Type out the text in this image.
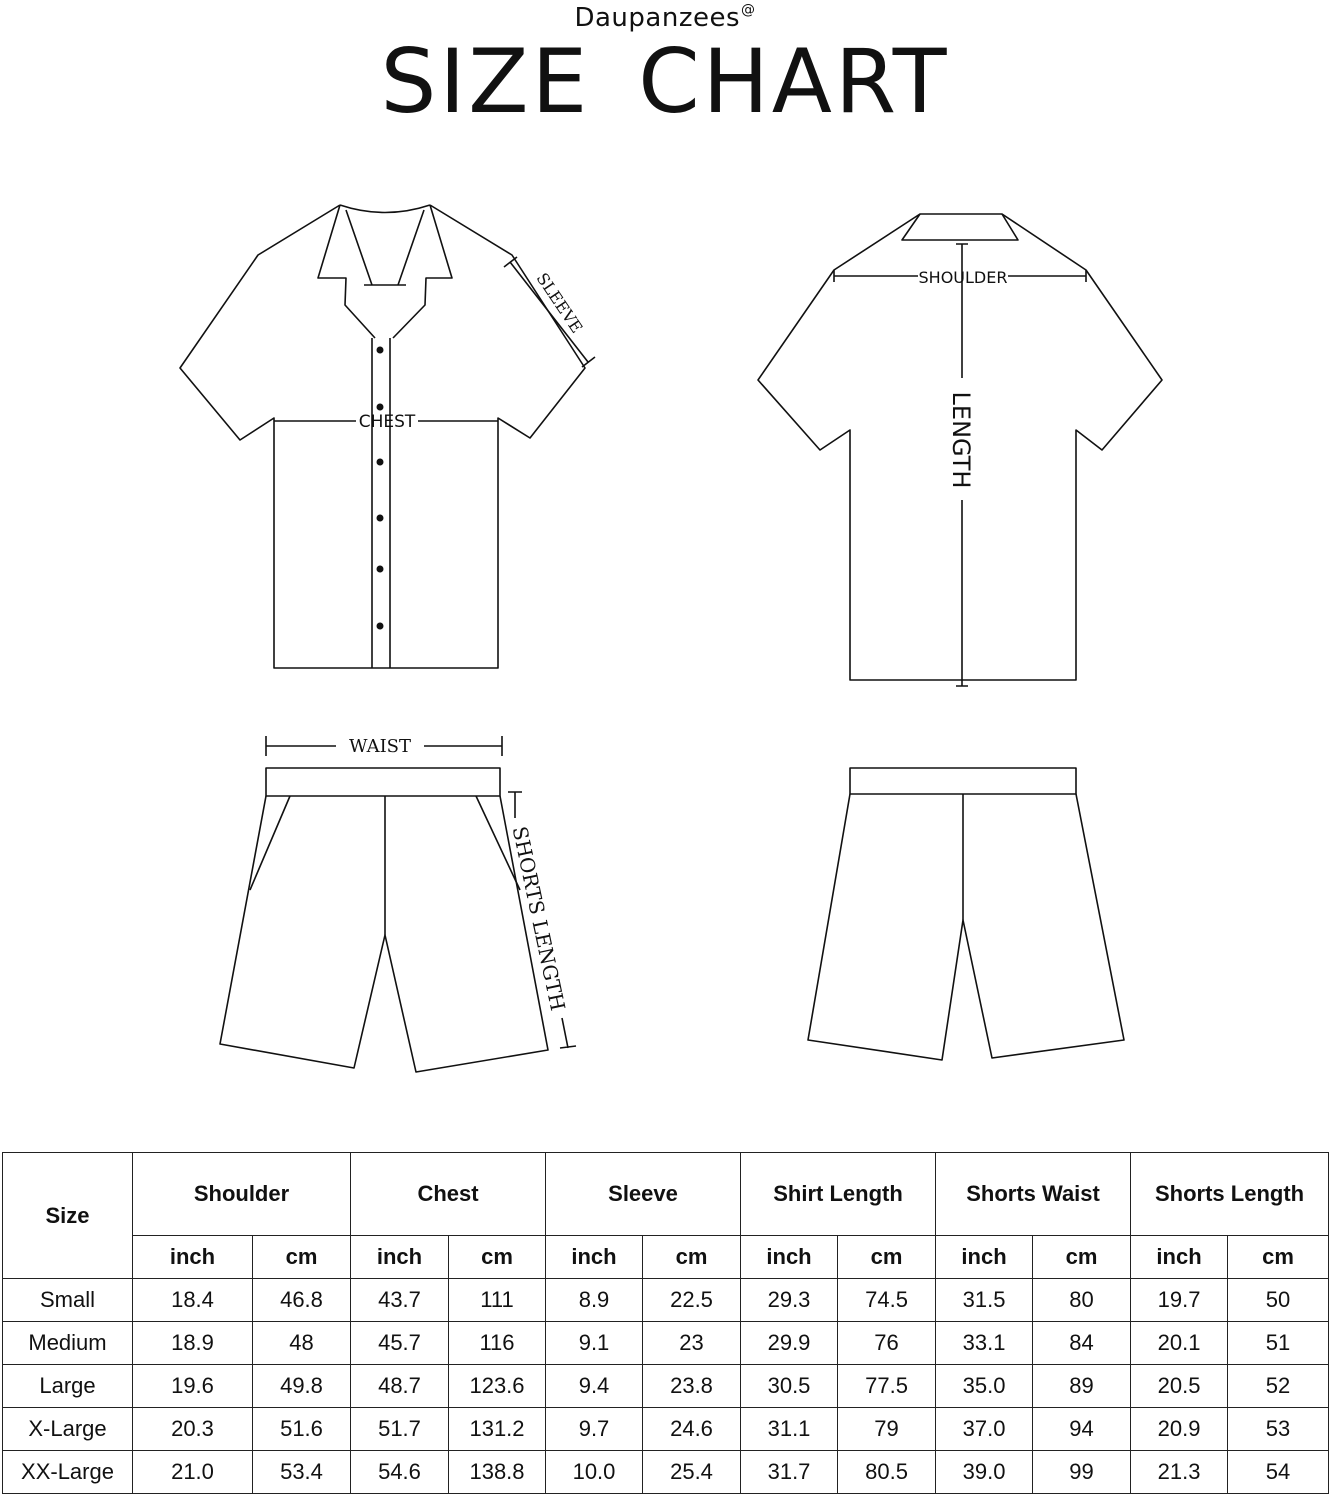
Daupanzees@
SIZE CHART
CHEST
SLEEVE	SHOULDER
LENGTH
WAIST
SHORTS LENGTH
Size	Shoulder		Chest		Sleeve		Shirt Length		Shorts Waist		Shorts Length	
	inch	cm	inch	cm	inch	cm	inch	cm	inch	cm	inch	cm
Small	18.4	46.8	43.7	111	8.9	22.5	29.3	74.5	31.5	80	19.7	50
Medium	18.9	48	45.7	116	9.1	23	29.9	76	33.1	84	20.1	51
Large	19.6	49.8	48.7	123.6	9.4	23.8	30.5	77.5	35.0	89	20.5	52
X-Large	20.3	51.6	51.7	131.2	9.7	24.6	31.1	79	37.0	94	20.9	53
XX-Large	21.0	53.4	54.6	138.8	10.0	25.4	31.7	80.5	39.0	99	21.3	54
